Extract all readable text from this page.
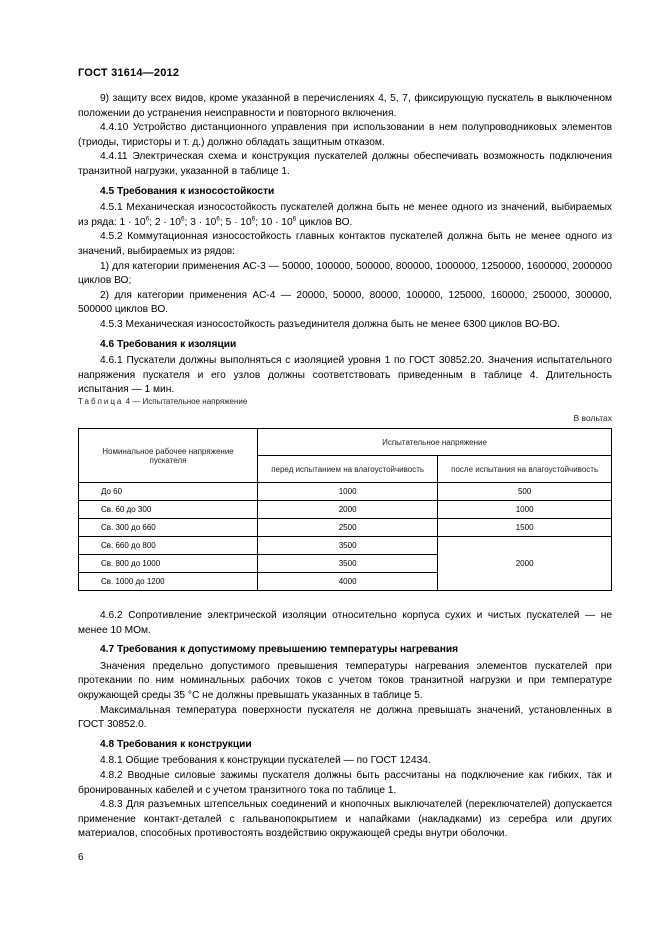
ГОСТ 31614—2012

9) защиту всех видов, кроме указанной в перечислениях 4, 5, 7, фиксирующую пускатель в выключенном положении до устранения неисправности и повторного включения.

4.4.10 Устройство дистанционного управления при использовании в нем полупроводниковых элементов (триоды, тиристоры и т. д.) должно обладать защитным отказом.

4.4.11 Электрическая схема и конструкция пускателей должны обеспечивать возможность подключения транзитной нагрузки, указанной в таблице 1.

4.5 Требования к износостойкости

4.5.1 Механическая износостойкость пускателей должна быть не менее одного из значений, выбираемых из ряда: $1 \cdot 10^6$; $2 \cdot 10^6$; $3 \cdot 10^6$; $5 \cdot 10^6$; $10 \cdot 10^6$ циклов ВО.

4.5.2 Коммутационная износостойкость главных контактов пускателей должна быть не менее одного из значений, выбираемых из рядов:

1) для категории применения АС-3 — 50000, 100000, 500000, 800000, 1000000, 1250000, 1600000, 2000000 циклов ВО;

2) для категории применения АС-4 — 20000, 50000, 80000, 100000, 125000, 160000, 250000, 300000, 500000 циклов ВО.

4.5.3 Механическая износостойкость разъединителя должна быть не менее 6300 циклов ВО-ВО.

4.6 Требования к изоляции

4.6.1 Пускатели должны выполняться с изоляцией уровня 1 по ГОСТ 30852.20. Значения испытательного напряжения пускателя и его узлов должны соответствовать приведенным в таблице 4. Длительность испытания — 1 мин.

Таблица 4 — Испытательное напряжение
В вольтах
Номинальное рабочее напряжение пускателя	Испытательное напряжение	
	перед испытанием на влагоустойчивость	после испытания на влагоустойчивость
До 60	1000	500
Св. 60 до 300	2000	1000
Св. 300 до 660	2500	1500
Св. 660 до 800	3500	2000
Св. 800 до 1000	3500	
Св. 1000 до 1200	4000	

4.6.2 Сопротивление электрической изоляции относительно корпуса сухих и чистых пускателей — не менее 10 МОм.

4.7 Требования к допустимому превышению температуры нагревания

Значения предельно допустимого превышения температуры нагревания элементов пускателей при протекании по ним номинальных рабочих токов с учетом токов транзитной нагрузки и при температуре окружающей среды 35 °С не должны превышать указанных в таблице 5.

Максимальная температура поверхности пускателя не должна превышать значений, установленных в ГОСТ 30852.0.

4.8 Требования к конструкции

4.8.1 Общие требования к конструкции пускателей — по ГОСТ 12434.

4.8.2 Вводные силовые зажимы пускателя должны быть рассчитаны на подключение как гибких, так и бронированных кабелей и с учетом транзитного тока по таблице 1.

4.8.3 Для разъемных штепсельных соединений и кнопочных выключателей (переключателей) допускается применение контакт-деталей с гальванопокрытием и напайками (накладками) из серебра или других материалов, способных противостоять воздействию окружающей среды внутри оболочки.

6
